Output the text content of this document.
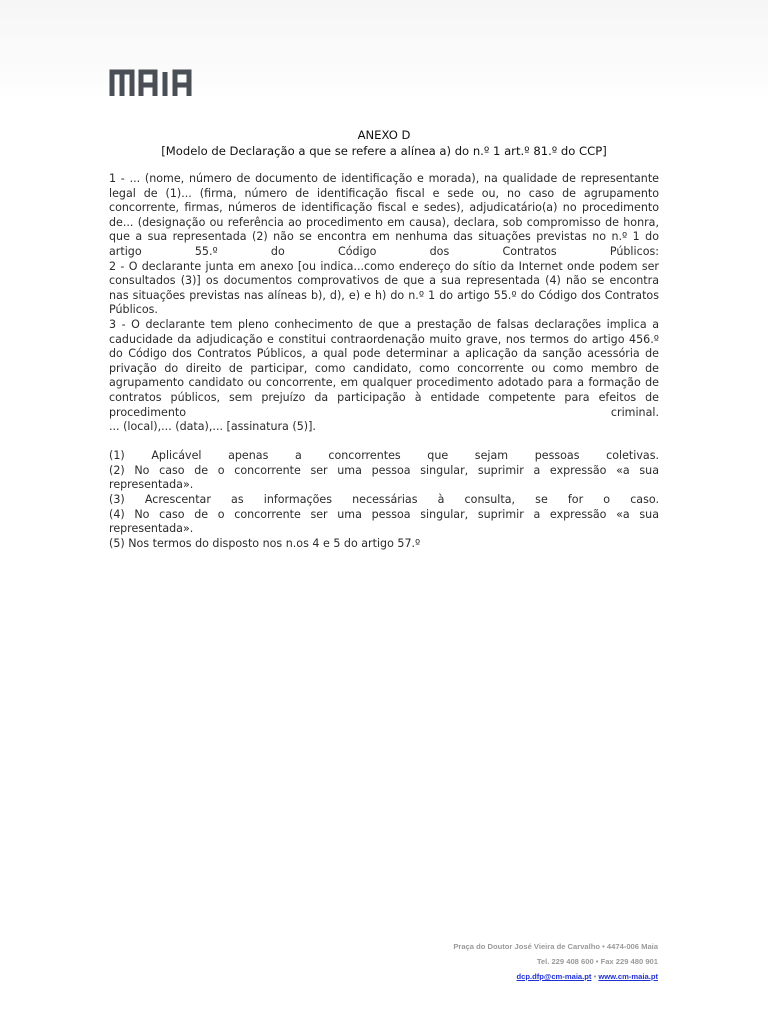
ANEXO D
[Modelo de Declaração a que se refere a alínea a) do n.º 1 art.º 81.º do CCP]

1 - ... (nome, número de documento de identificação e morada), na qualidade de representante legal de (1)... (firma, número de identificação fiscal e sede ou, no caso de agrupamento concorrente, firmas, números de identificação fiscal e sedes), adjudicatário(a) no procedimento de... (designação ou referência ao procedimento em causa), declara, sob compromisso de honra, que a sua representada (2) não se encontra em nenhuma das situações previstas no n.º 1 do artigo 55.º do Código dos Contratos Públicos:

2 - O declarante junta em anexo [ou indica...como endereço do sítio da Internet onde podem ser consultados (3)] os documentos comprovativos de que a sua representada (4) não se encontra nas situações previstas nas alíneas b), d), e) e h) do n.º 1 do artigo 55.º do Código dos Contratos Públicos.

3 - O declarante tem pleno conhecimento de que a prestação de falsas declarações implica a caducidade da adjudicação e constitui contraordenação muito grave, nos termos do artigo 456.º do Código dos Contratos Públicos, a qual pode determinar a aplicação da sanção acessória de privação do direito de participar, como candidato, como concorrente ou como membro de agrupamento candidato ou concorrente, em qualquer procedimento adotado para a formação de contratos públicos, sem prejuízo da participação à entidade competente para efeitos de procedimento criminal.

... (local),... (data),... [assinatura (5)].

(1) Aplicável apenas a concorrentes que sejam pessoas coletivas.

(2) No caso de o concorrente ser uma pessoa singular, suprimir a expressão «a sua representada».

(3) Acrescentar as informações necessárias à consulta, se for o caso.

(4) No caso de o concorrente ser uma pessoa singular, suprimir a expressão «a sua representada».

(5) Nos termos do disposto nos n.os 4 e 5 do artigo 57.º

Praça do Doutor José Vieira de Carvalho • 4474-006 Maia
Tel. 229 408 600 • Fax 229 480 901
dcp.dfp@cm-maia.pt • www.cm-maia.pt
